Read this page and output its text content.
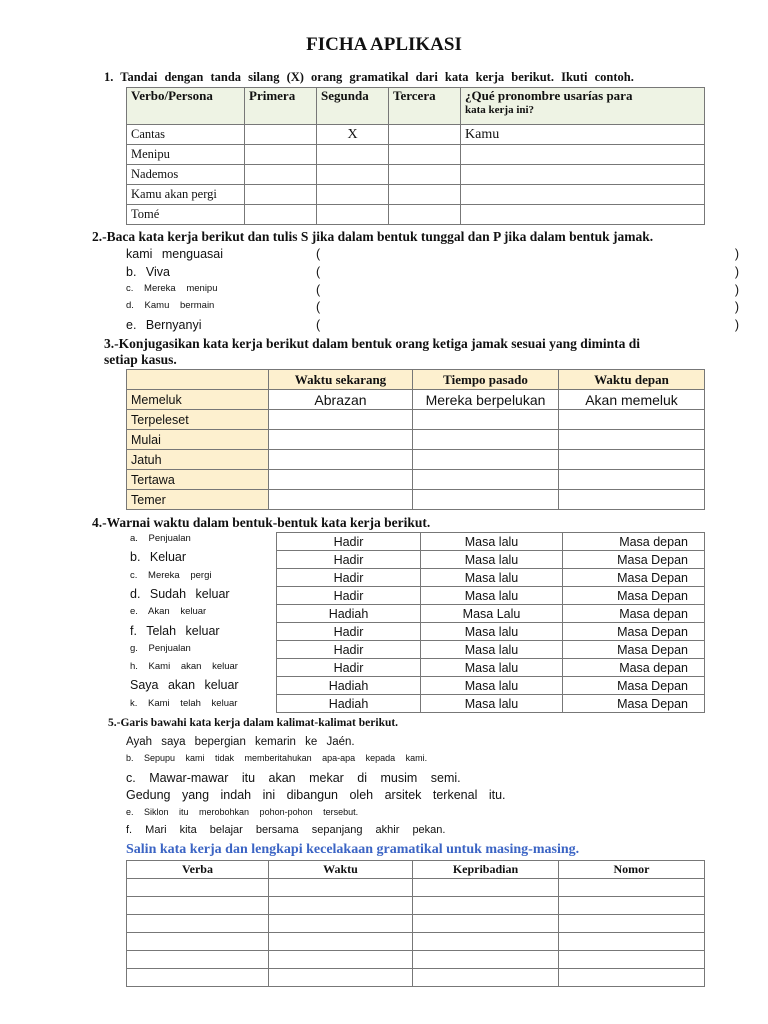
FICHA APLIKASI
1. Tandai dengan tanda silang (X) orang gramatikal dari kata kerja berikut. Ikuti contoh.
Verbo/Persona	Primera	Segunda	Tercera	¿Qué pronombre usarías para
kata kerja ini?

Cantas		X		Kamu
Menipu				
Nademos				
Kamu akan pergi				
Tomé				
2.-Baca kata kerja berikut dan tulis S jika dalam bentuk tunggal dan P jika dalam bentuk jamak.
kami menguasai
b. Viva
c. Mereka menipu
d. Kamu bermain
e. Bernyanyi
(          )
(          )
(          )
(          )
(          )
3.-Konjugasikan kata kerja berikut dalam bentuk orang ketiga jamak sesuai yang diminta di
setiap kasus.
	Waktu sekarang	Tiempo pasado	Waktu depan
Memeluk	Abrazan	Mereka berpelukan	Akan memeluk
Terpeleset			
Mulai			
Jatuh			
Tertawa			
Temer			
4.-Warnai waktu dalam bentuk-bentuk kata kerja berikut.
a. Penjualan
b. Keluar
c. Mereka pergi
d. Sudah keluar
e. Akan keluar
f. Telah keluar
g. Penjualan
h. Kami akan keluar
Saya akan keluar
k. Kami telah keluar
Hadir	Masa lalu	Masa depan
Hadir	Masa lalu	Masa Depan
Hadir	Masa lalu	Masa Depan
Hadir	Masa lalu	Masa Depan
Hadiah	Masa Lalu	Masa depan
Hadir	Masa lalu	Masa Depan
Hadir	Masa lalu	Masa Depan
Hadir	Masa lalu	Masa depan
Hadiah	Masa lalu	Masa Depan
Hadiah	Masa lalu	Masa Depan
5.-Garis bawahi kata kerja dalam kalimat-kalimat berikut.
Ayah saya bepergian kemarin ke Jaén.
b. Sepupu kami tidak memberitahukan apa-apa kepada kami.
c. Mawar-mawar itu akan mekar di musim semi.
Gedung yang indah ini dibangun oleh arsitek terkenal itu.
e. Siklon itu merobohkan pohon-pohon tersebut.
f. Mari kita belajar bersama sepanjang akhir pekan.
Salin kata kerja dan lengkapi kecelakaan gramatikal untuk masing-masing.
Verba	Waktu	Kepribadian	Nomor
